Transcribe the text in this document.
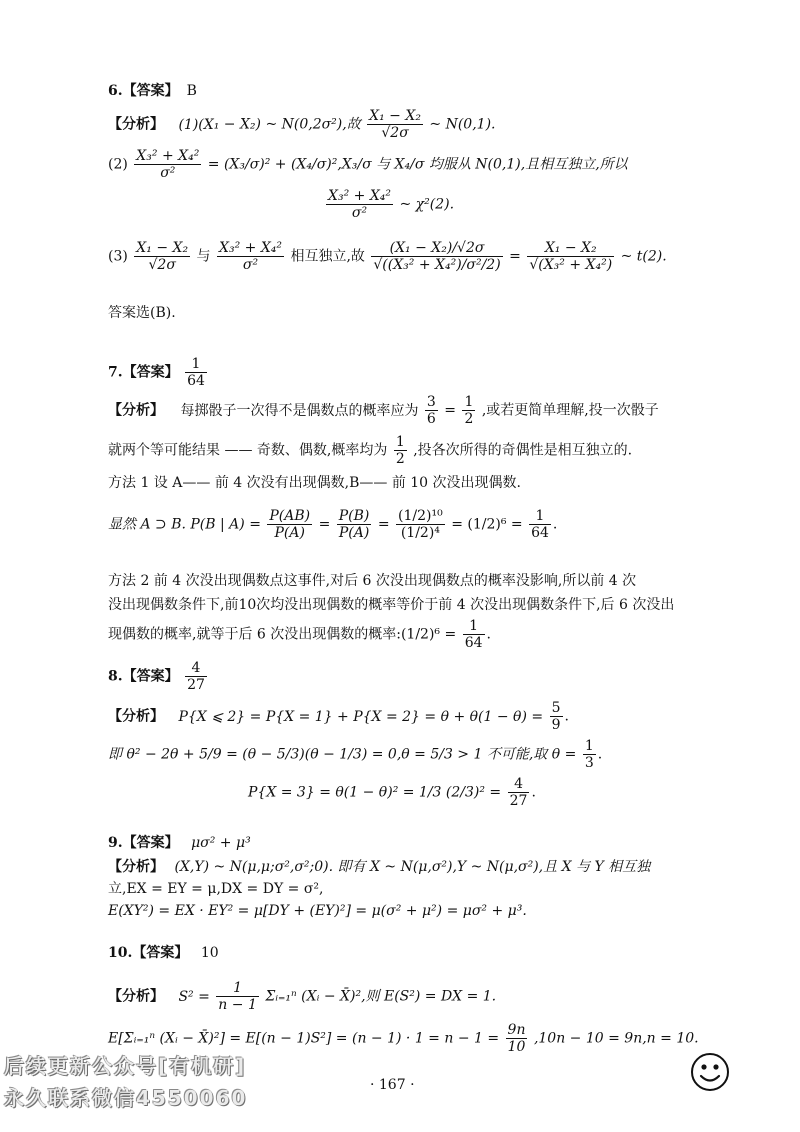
6.【答案】 B
【分析】 (1)(X₁ − X₂) ~ N(0,2σ²),故 $\frac{\text{X₁ − X₂}}{√2\sigma}$ ~ N(0,1).
$(2) \frac{\text{X₃² + X₄²}}{\text{σ²}} = (X_3/\sigma)^2 + (X_4/\sigma)^2,X_3/\sigma$ 与 X₄/σ 均服从 N(0,1),且相互独立,所以
$\frac{\text{X₃² + X₄²}}{\text{σ²}}$ ~ χ²(2).
$(3) \frac{\text{X₁ − X₂}}{√2\sigma}$ 与 $\frac{\text{X₃² + X₄²}}{\text{σ²}}$ 相互独立,故 $\frac{\text{(X₁ − X₂)/√2σ}}{\text{√((X₃² + X₄²)/σ²/2)}} = \frac{\text{X₁ − X₂}}{\text{√(X₃² + X₄²)}}$ ~ t(2).
答案选(B).
7.【答案】 $\frac{1}{64}$
【分析】 每掷骰子一次得不是偶数点的概率应为 $\frac{3}{6} = \frac{1}{2}$ ,或若更简单理解,投一次骰子
就两个等可能结果 —— 奇数、偶数,概率均为 $\frac{1}{2}$ ,投各次所得的奇偶性是相互独立的.
方法 1 设 A—— 前 4 次没有出现偶数,B—— 前 10 次没出现偶数.
显然 A ⊃ B. P(B | $A) = \frac{P(AB)}{P(A)} = \frac{P(B)}{P(A)} = \frac{\text{(1/2)¹⁰}}{\text{(1/2)⁴}} = (1/2)^6 = \frac{1}{64}$ .
方法 2 前 4 次没出现偶数点这事件,对后 6 次没出现偶数点的概率没影响,所以前 4 次
没出现偶数条件下,前10次均没出现偶数的概率等价于前 4 次没出现偶数条件下,后 6 次没出
现偶数的概率,就等于后 6 次没出现偶数的概率:(1/2)⁶ = $\frac{1}{64}$ .
8.【答案】 $\frac{4}{27}$
【分析】 P{X ⩽ $2\} = P\{X = 1\} + P\{X = 2\} = \theta + \theta(1 - \theta) = \frac{5}{9}$ .
即 θ² − 2θ + 5/9 = (θ − 5/3)(θ − 1/3) = 0,θ = 5/3 > 1 不可能,取 $\theta = \frac{1}{3}$ .
P{X = 3} = θ(1 − θ)² = 1/3 $(2/3)^2 = \frac{4}{27}$ .
9.【答案】 μσ² + μ³
【分析】 (X,Y) ~ N(μ,μ;σ²,σ²;0). 即有 X ~ N(μ,σ²),Y ~ N(μ,σ²),且 X 与 Y 相互独
立,EX = EY = μ,DX = DY = σ²,
E(XY²) = EX · EY² = μ[DY + (EY)²] = μ(σ² + μ²) = μσ² + μ³.
10.【答案】 10
【分析】 $S^2 = \frac{1}{n - 1}$ Σᵢ₌₁ⁿ (Xᵢ − X̄)²,则 E(S²) = DX = 1.
E[Σᵢ₌₁ⁿ (Xᵢ − X̄)²] = $E[(n - 1)S^2] = (n - 1) \cdot 1 = n - 1 = \frac{9n}{10} ,10n - 10 = 9n,n = 10$.
· 167 ·
后续更新公众号[有机研]
永久联系微信4550060
